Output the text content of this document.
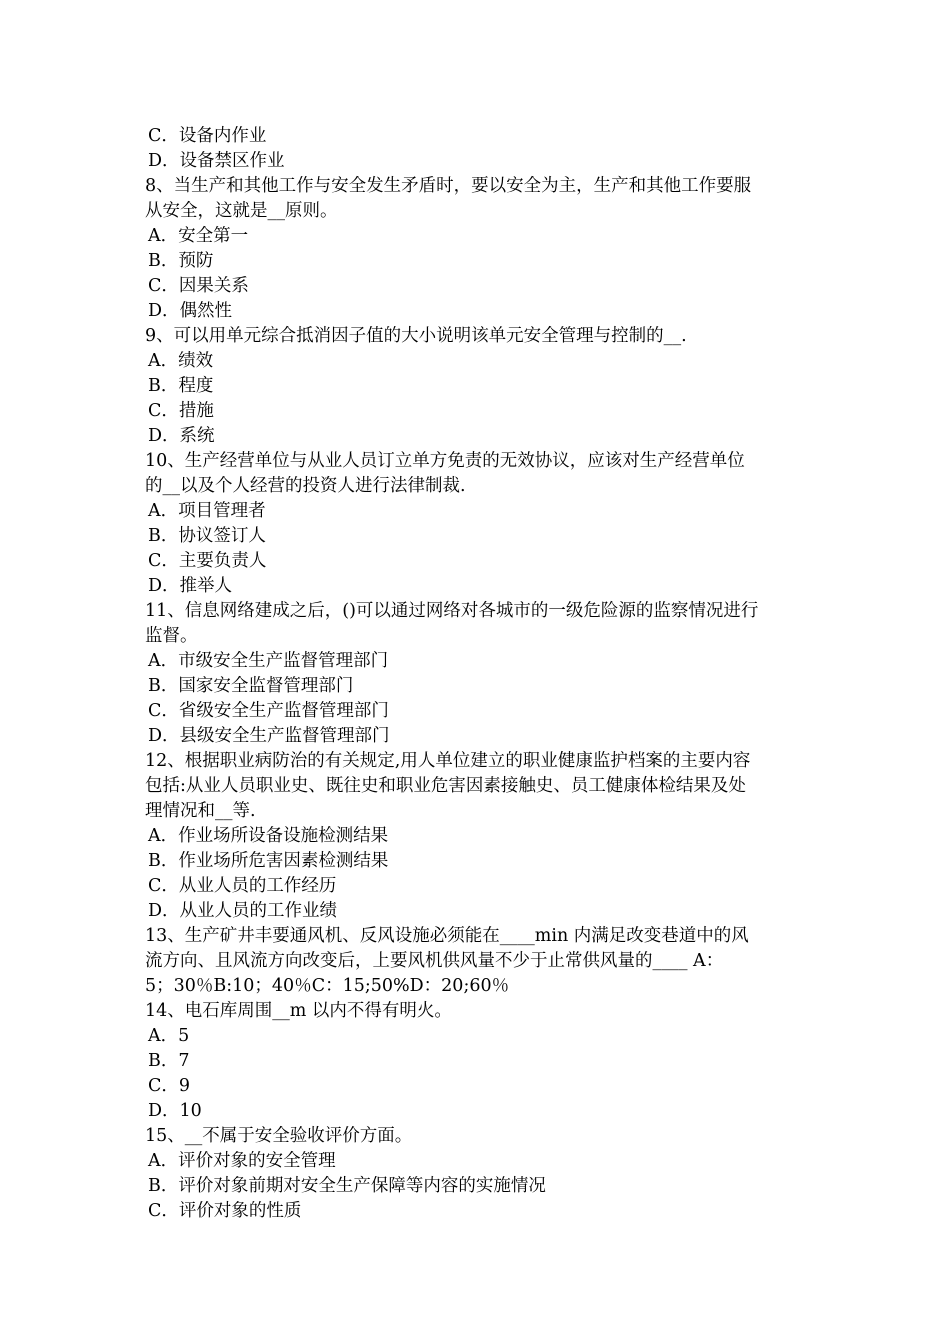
C．设备内作业
D．设备禁区作业
8、当生产和其他工作与安全发生矛盾时，要以安全为主，生产和其他工作要服
从安全，这就是__原则。
A．安全第一
B．预防
C．因果关系
D．偶然性
9、可以用单元综合抵消因子值的大小说明该单元安全管理与控制的__.
A．绩效
B．程度
C．措施
D．系统
10、生产经营单位与从业人员订立单方免责的无效协议，应该对生产经营单位
的__以及个人经营的投资人进行法律制裁.
A．项目管理者
B．协议签订人
C．主要负责人
D．推举人
11、信息网络建成之后，()可以通过网络对各城市的一级危险源的监察情况进行
监督。
A．市级安全生产监督管理部门
B．国家安全监督管理部门
C．省级安全生产监督管理部门
D．县级安全生产监督管理部门
12、根据职业病防治的有关规定,用人单位建立的职业健康监护档案的主要内容
包括:从业人员职业史、既往史和职业危害因素接触史、员工健康体检结果及处
理情况和__等.
A．作业场所设备设施检测结果
B．作业场所危害因素检测结果
C．从业人员的工作经历
D．从业人员的工作业绩
13、生产矿井丰要通风机、反风设施必须能在____min 内满足改变巷道中的风
流方向、且风流方向改变后，上要风机供风量不少于止常供风量的____ A：
5；30％B:10；40％C：15;50%D：20;60％
14、电石库周围__m 以内不得有明火。
A．5
B．7
C．9
D．10
15、__不属于安全验收评价方面。
A．评价对象的安全管理
B．评价对象前期对安全生产保障等内容的实施情况
C．评价对象的性质
